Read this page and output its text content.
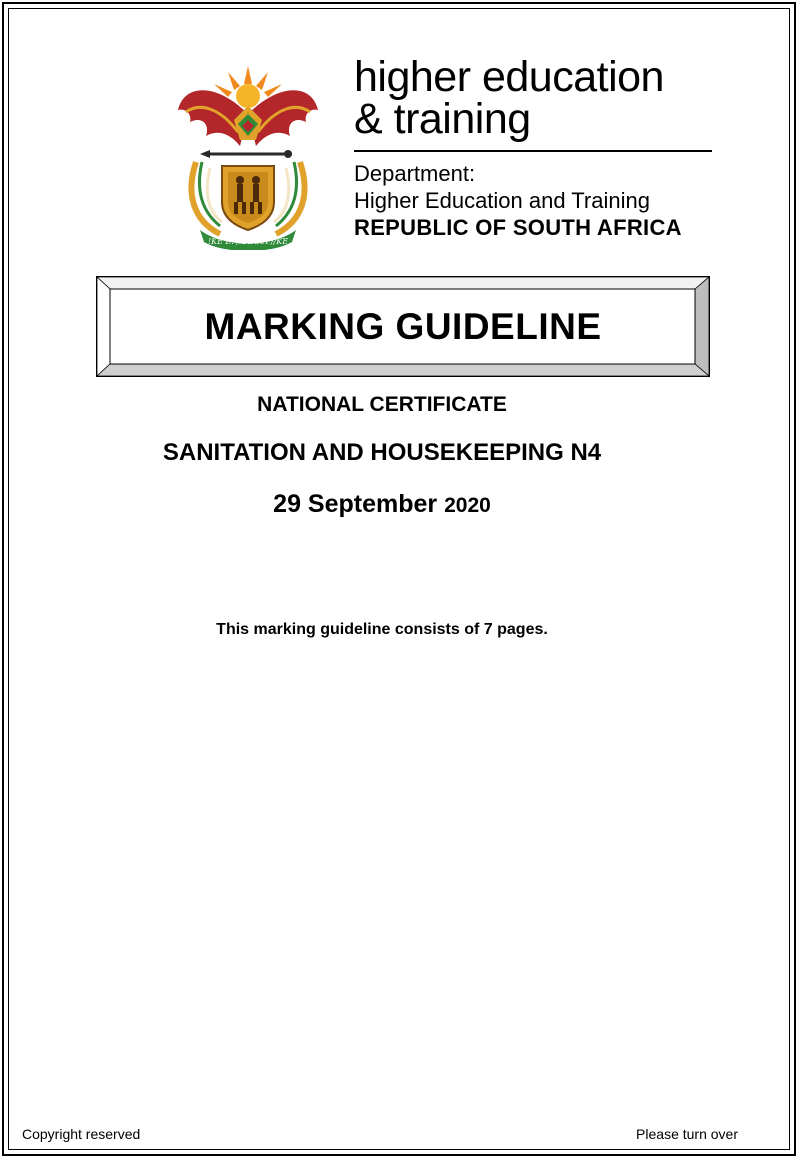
!KE E: /XARRA //KE
higher education
& training
Department:
Higher Education and Training
REPUBLIC OF SOUTH AFRICA
MARKING GUIDELINE
NATIONAL CERTIFICATE
SANITATION AND HOUSEKEEPING N4
29 September 2020
This marking guideline consists of 7 pages.
Copyright reserved	Please turn over
